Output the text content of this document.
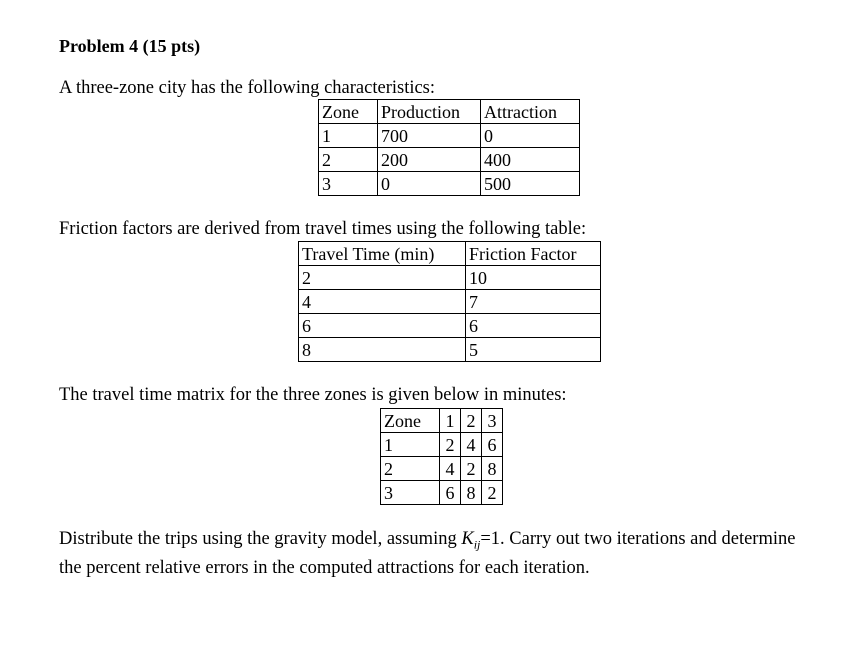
Problem 4 (15 pts)
A three-zone city has the following characteristics:
Zone	Production	Attraction
1	700	0
2	200	400
3	0	500
Friction factors are derived from travel times using the following table:
Travel Time (min)	Friction Factor
2	10
4	7
6	6
8	5
The travel time matrix for the three zones is given below in minutes:
Zone	1	2	3
1	2	4	6
2	4	2	8
3	6	8	2
Distribute the trips using the gravity model, assuming $K_{ij}=1$. Carry out two iterations and determine the percent relative errors in the computed attractions for each iteration.
